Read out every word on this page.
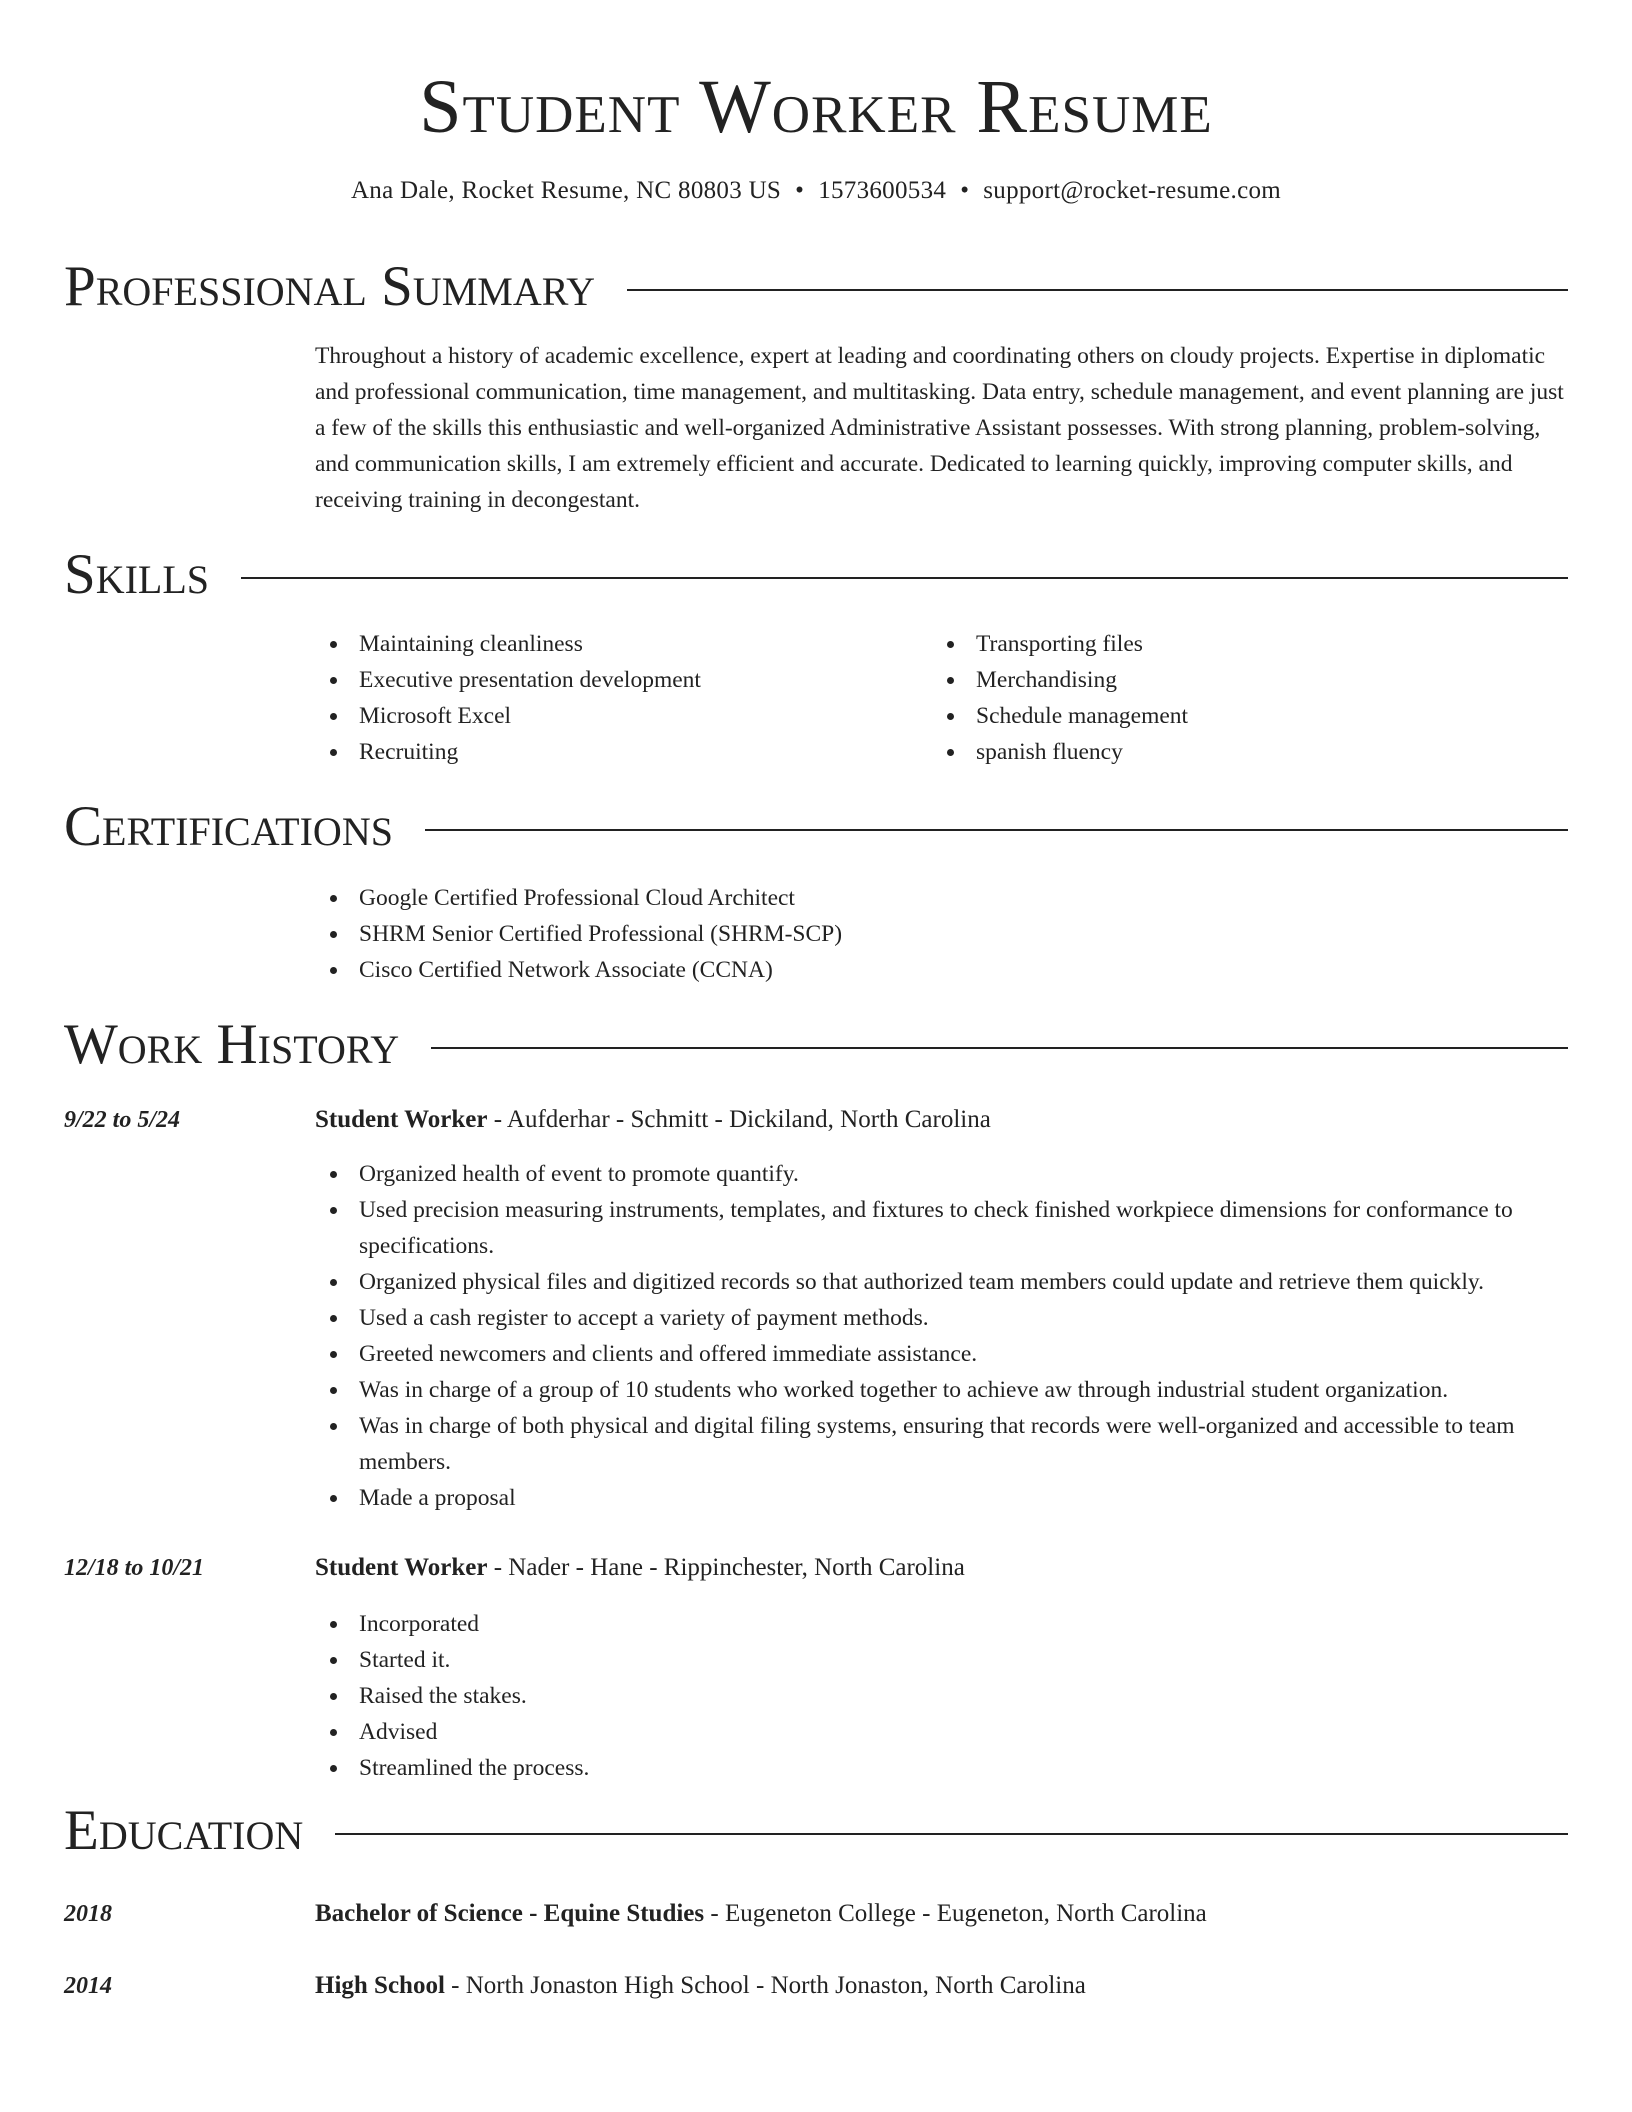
Student Worker Resume
Ana Dale, Rocket Resume, NC 80803 US • 1573600534 • support@rocket-resume.com
Professional Summary

Throughout a history of academic excellence, expert at leading and coordinating others on cloudy projects. Expertise in diplomatic and professional communication, time management, and multitasking. Data entry, schedule management, and event planning are just a few of the skills this enthusiastic and well-organized Administrative Assistant possesses. With strong planning, problem-solving, and communication skills, I am extremely efficient and accurate. Dedicated to learning quickly, improving computer skills, and receiving training in decongestant.

Skills
Maintaining cleanliness
Executive presentation development
Microsoft Excel
Recruiting
Transporting files
Merchandising
Schedule management
spanish fluency
Certifications
Google Certified Professional Cloud Architect
SHRM Senior Certified Professional (SHRM-SCP)
Cisco Certified Network Associate (CCNA)
Work History
9/22 to 5/24	Student Worker - Aufderhar - Schmitt - Dickiland, North Carolina
Organized health of event to promote quantify.
Used precision measuring instruments, templates, and fixtures to check finished workpiece dimensions for conformance to specifications.
Organized physical files and digitized records so that authorized team members could update and retrieve them quickly.
Used a cash register to accept a variety of payment methods.
Greeted newcomers and clients and offered immediate assistance.
Was in charge of a group of 10 students who worked together to achieve aw through industrial student organization.
Was in charge of both physical and digital filing systems, ensuring that records were well-organized and accessible to team members.
Made a proposal
12/18 to 10/21	Student Worker - Nader - Hane - Rippinchester, North Carolina
Incorporated
Started it.
Raised the stakes.
Advised
Streamlined the process.
Education
2018	Bachelor of Science - Equine Studies - Eugeneton College - Eugeneton, North Carolina
2014	High School - North Jonaston High School - North Jonaston, North Carolina
